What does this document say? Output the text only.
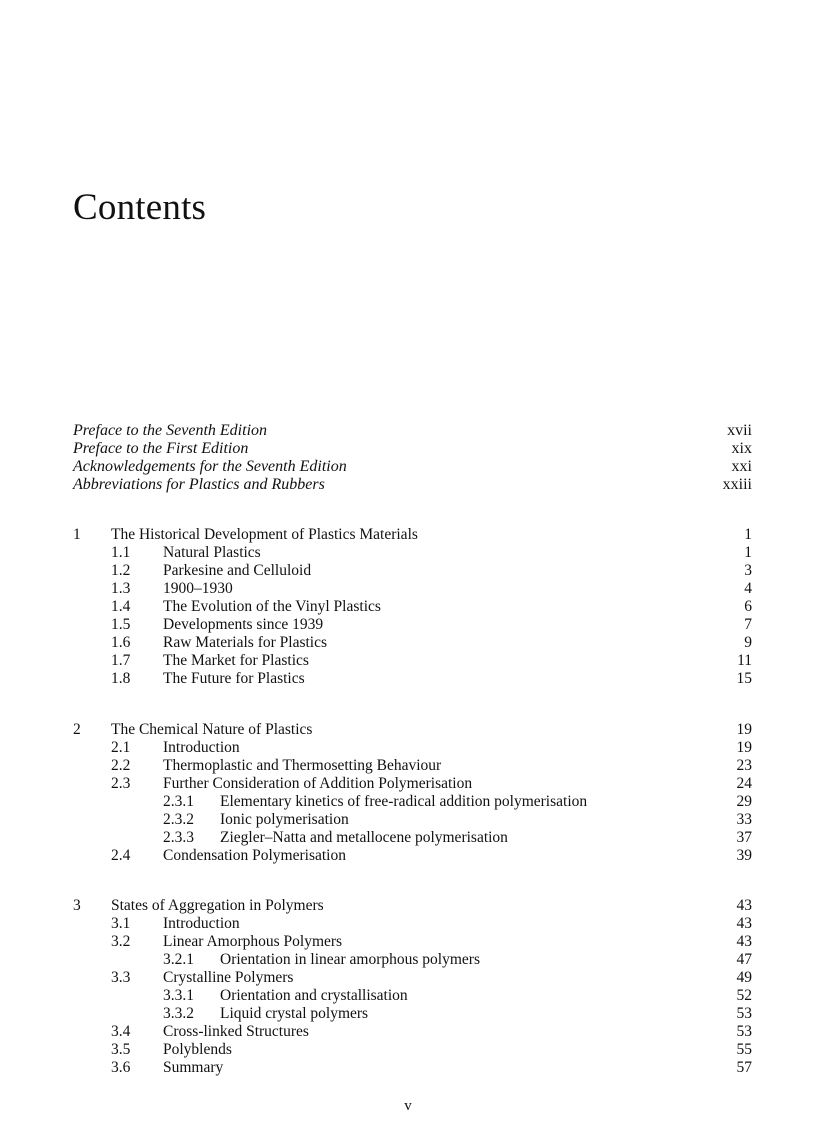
Contents
Preface to the Seventh Edition	xvii
Preface to the First Edition	xix
Acknowledgements for the Seventh Edition	xxi
Abbreviations for Plastics and Rubbers	xxiii
1 The Historical Development of Plastics Materials	1
1.1 Natural Plastics	1
1.2 Parkesine and Celluloid	3
1.3 1900–1930	4
1.4 The Evolution of the Vinyl Plastics	6
1.5 Developments since 1939	7
1.6 Raw Materials for Plastics	9
1.7 The Market for Plastics	11
1.8 The Future for Plastics	15
2 The Chemical Nature of Plastics	19
2.1 Introduction	19
2.2 Thermoplastic and Thermosetting Behaviour	23
2.3 Further Consideration of Addition Polymerisation	24
2.3.1 Elementary kinetics of free-radical addition polymerisation	29
2.3.2 Ionic polymerisation	33
2.3.3 Ziegler–Natta and metallocene polymerisation	37
2.4 Condensation Polymerisation	39
3 States of Aggregation in Polymers	43
3.1 Introduction	43
3.2 Linear Amorphous Polymers	43
3.2.1 Orientation in linear amorphous polymers	47
3.3 Crystalline Polymers	49
3.3.1 Orientation and crystallisation	52
3.3.2 Liquid crystal polymers	53
3.4 Cross-linked Structures	53
3.5 Polyblends	55
3.6 Summary	57
v
